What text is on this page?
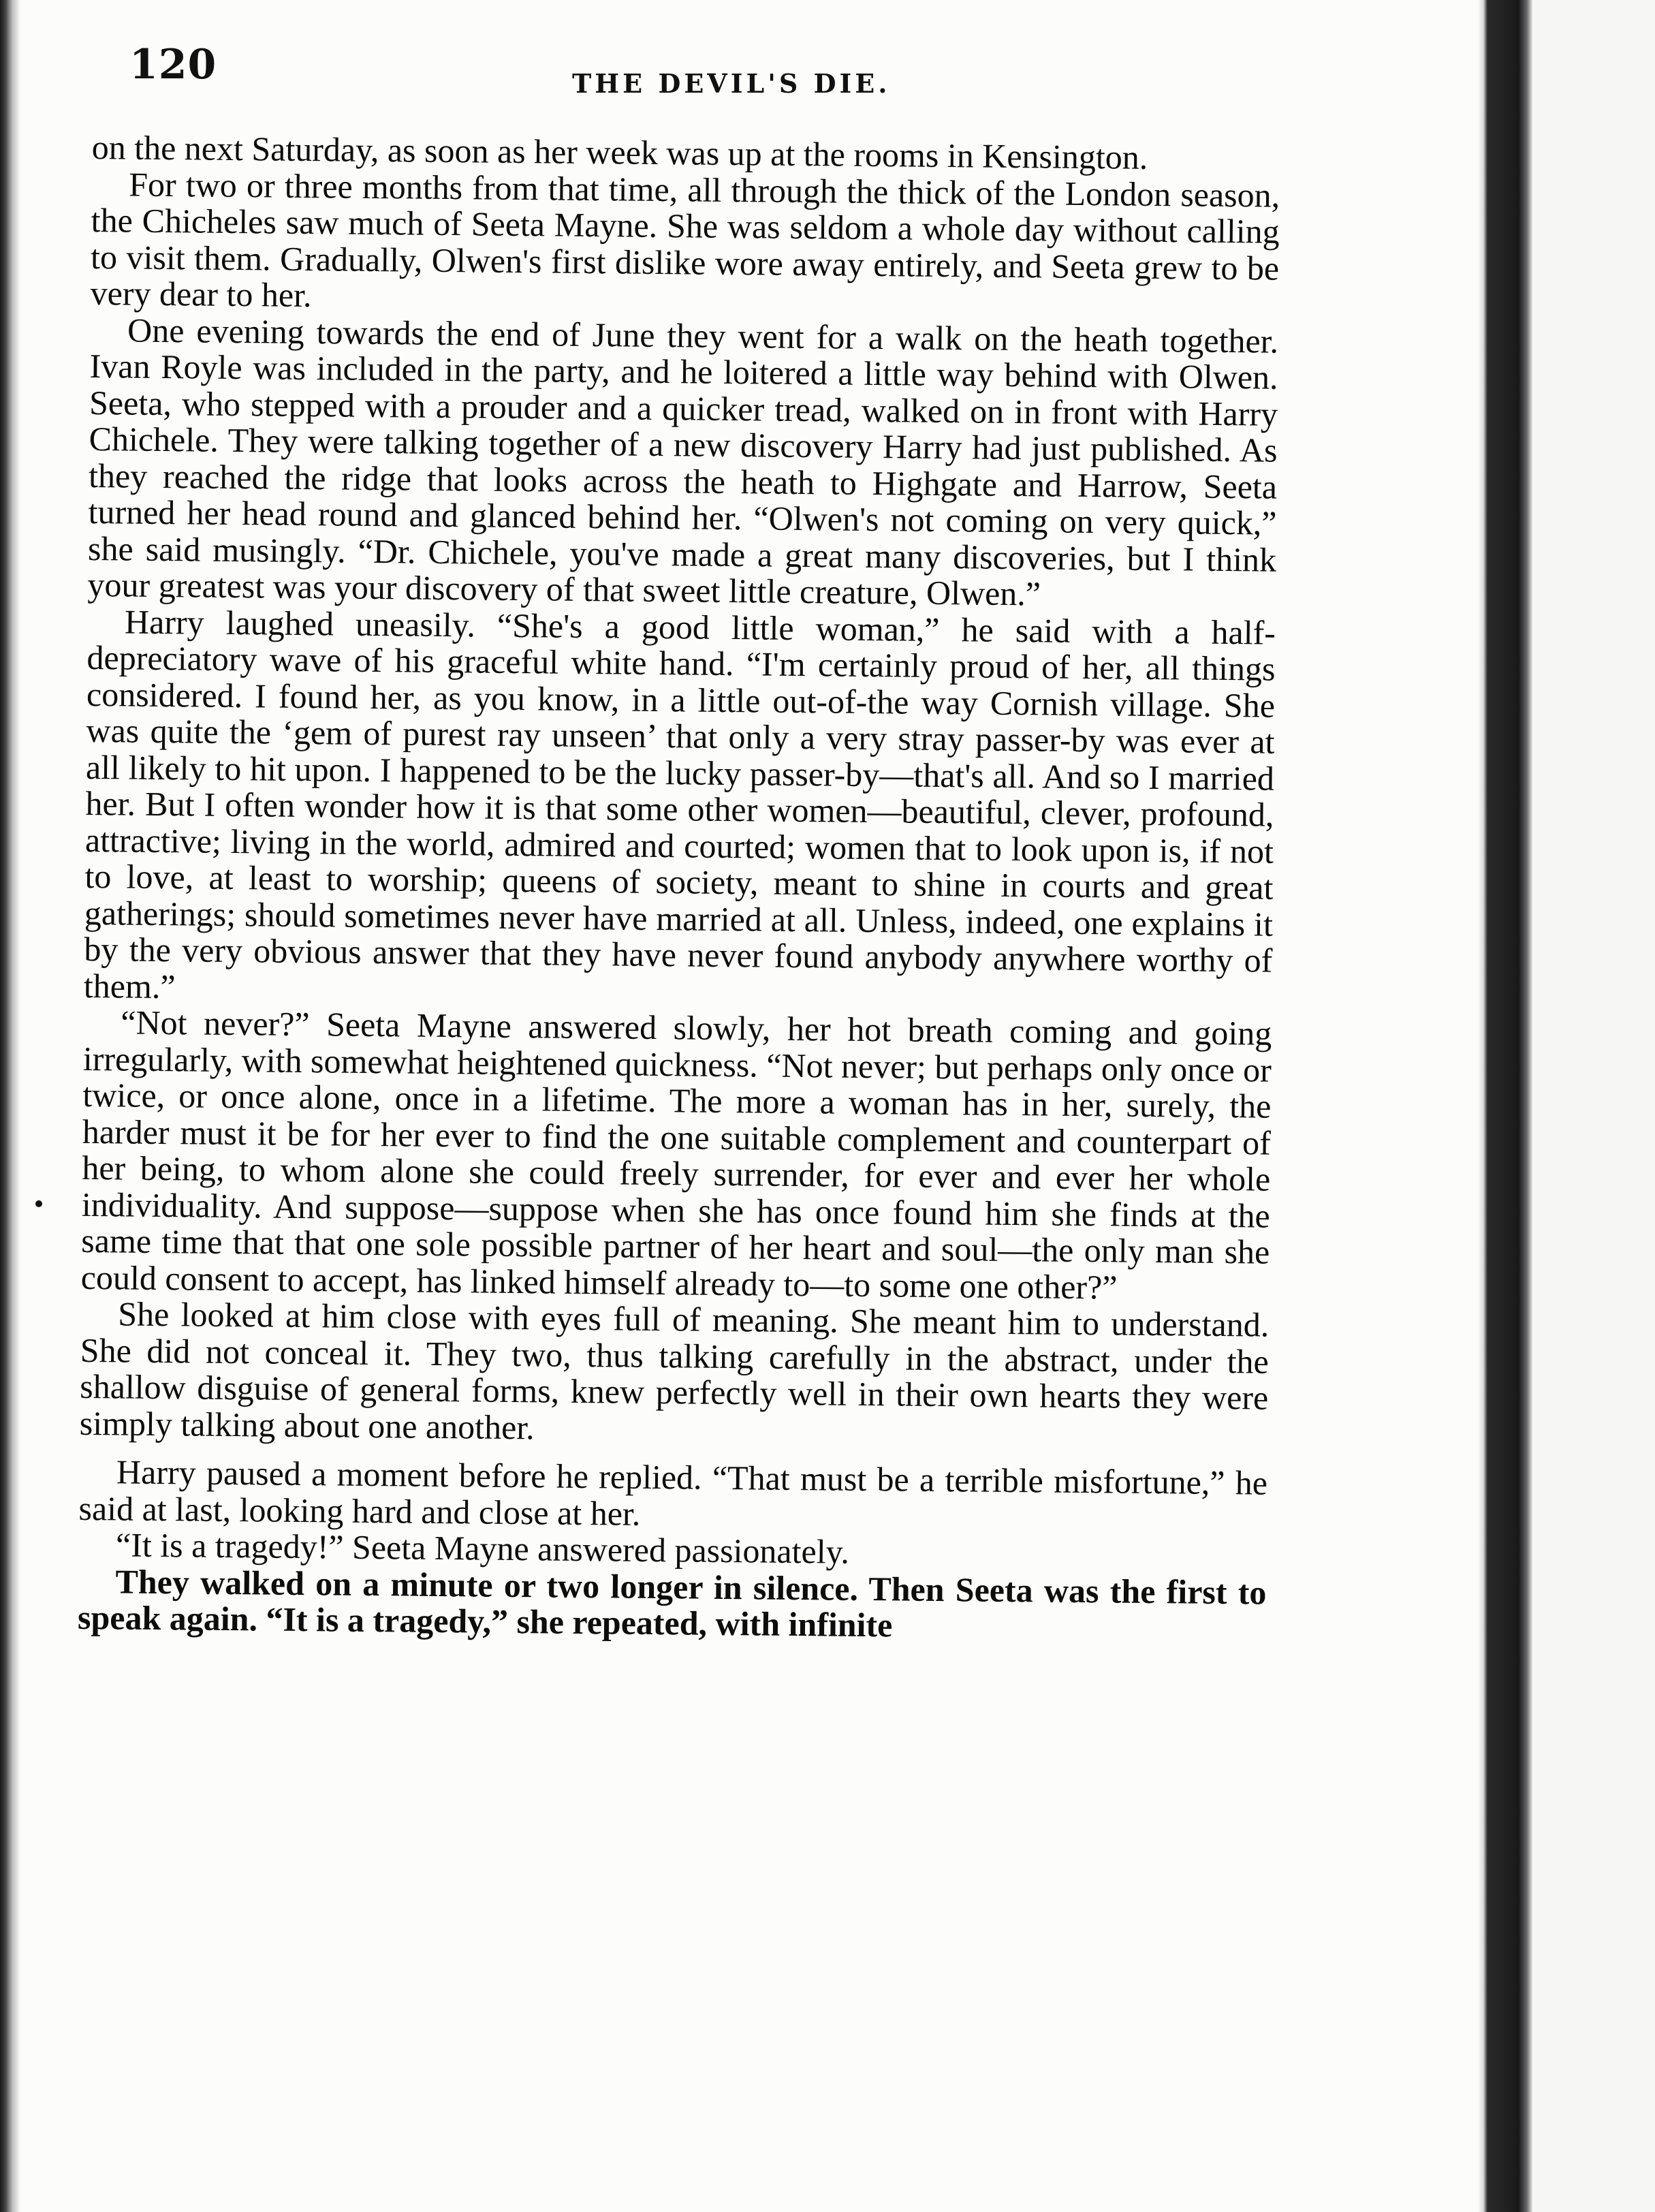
120	THE DEVIL'S DIE.

on the next Saturday, as soon as her week was up at the rooms in Kensington.

For two or three months from that time, all through the thick of the London season, the Chicheles saw much of Seeta Mayne. She was seldom a whole day without calling to visit them. Gradually, Olwen's first dislike wore away entirely, and Seeta grew to be very dear to her.

One evening towards the end of June they went for a walk on the heath together. Ivan Royle was included in the party, and he loitered a little way behind with Olwen. Seeta, who stepped with a prouder and a quicker tread, walked on in front with Harry Chichele. They were talking together of a new discovery Harry had just published. As they reached the ridge that looks across the heath to Highgate and Harrow, Seeta turned her head round and glanced behind her. “Olwen's not coming on very quick,” she said musingly. “Dr. Chichele, you've made a great many discoveries, but I think your greatest was your discovery of that sweet little creature, Olwen.”

Harry laughed uneasily. “She's a good little woman,” he said with a half-depreciatory wave of his graceful white hand. “I'm certainly proud of her, all things considered. I found her, as you know, in a little out-of-the way Cornish village. She was quite the ‘gem of purest ray unseen’ that only a very stray passer-by was ever at all likely to hit upon. I happened to be the lucky passer-by—that's all. And so I married her. But I often wonder how it is that some other women—beautiful, clever, profound, attractive; living in the world, admired and courted; women that to look upon is, if not to love, at least to worship; queens of society, meant to shine in courts and great gatherings; should sometimes never have married at all. Unless, indeed, one explains it by the very obvious answer that they have never found anybody anywhere worthy of them.”

“Not never?” Seeta Mayne answered slowly, her hot breath coming and going irregularly, with somewhat heightened quickness. “Not never; but perhaps only once or twice, or once alone, once in a lifetime. The more a woman has in her, surely, the harder must it be for her ever to find the one suitable complement and counterpart of her being, to whom alone she could freely surrender, for ever and ever her whole individuality. And suppose—suppose when she has once found him she finds at the same time that that one sole possible partner of her heart and soul—the only man she could consent to accept, has linked himself already to—to some one other?”

She looked at him close with eyes full of meaning. She meant him to understand. She did not conceal it. They two, thus talking carefully in the abstract, under the shallow disguise of general forms, knew perfectly well in their own hearts they were simply talking about one another.

Harry paused a moment before he replied. “That must be a terrible misfortune,” he said at last, looking hard and close at her.

“It is a tragedy!” Seeta Mayne answered passionately.

They walked on a minute or two longer in silence. Then Seeta was the first to speak again. “It is a tragedy,” she repeated, with infinite
